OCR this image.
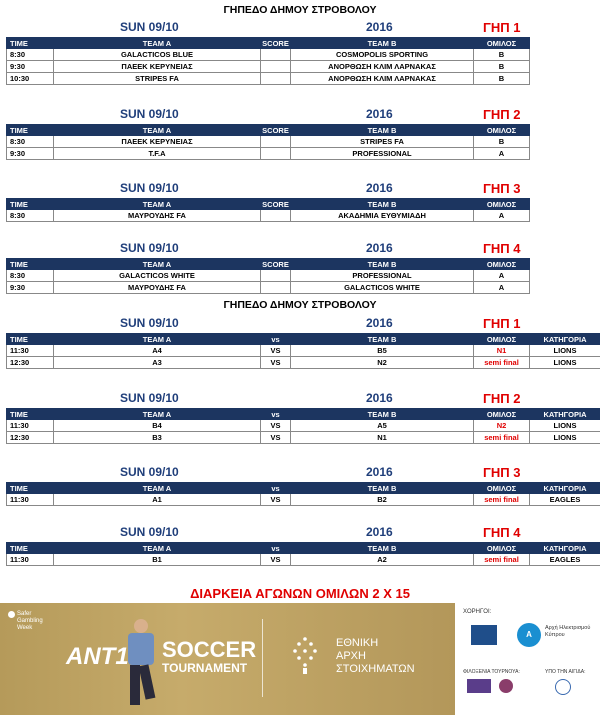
ΓΗΠΕΔΟ ΔΗΜΟΥ ΣΤΡΟΒΟΛΟΥ
SUN 09/10	2016	ΓΗΠ 1
TIME	TEAM A	SCORE	TEAM B	ΟΜΙΛΟΣ
8:30	GALACTICOS BLUE		COSMOPOLIS SPORTING	B
9:30	ΠΑΕΕΚ ΚΕΡΥΝΕΙΑΣ		ΑΝΟΡΘΩΣΗ ΚΛΙΜ ΛΑΡΝΑΚΑΣ	B
10:30	STRIPES FA		ΑΝΟΡΘΩΣΗ ΚΛΙΜ ΛΑΡΝΑΚΑΣ	B
SUN 09/10	2016	ΓΗΠ 2
TIME	TEAM A	SCORE	TEAM B	ΟΜΙΛΟΣ
8:30	ΠΑΕΕΚ ΚΕΡΥΝΕΙΑΣ		STRIPES FA	B
9:30	T.F.A		PROFESSIONAL	A
SUN 09/10	2016	ΓΗΠ 3
TIME	TEAM A	SCORE	TEAM B	ΟΜΙΛΟΣ
8:30	ΜΑΥΡΟΥΔΗΣ FA		ΑΚΑΔΗΜΙΑ ΕΥΘΥΜΙΑΔΗ	A
SUN 09/10	2016	ΓΗΠ 4
TIME	TEAM A	SCORE	TEAM B	ΟΜΙΛΟΣ
8:30	GALACTICOS WHITE		PROFESSIONAL	A
9:30	ΜΑΥΡΟΥΔΗΣ FA		GALACTICOS WHITE	A
ΓΗΠΕΔΟ ΔΗΜΟΥ ΣΤΡΟΒΟΛΟΥ
SUN 09/10	2016	ΓΗΠ 1
TIME	TEAM A	vs	TEAM B	ΟΜΙΛΟΣ	ΚΑΤΗΓΟΡΙΑ
11:30	A4	VS	B5	N1	LIONS
12:30	A3	VS	N2	semi final	LIONS
SUN 09/10	2016	ΓΗΠ 2
TIME	TEAM A	vs	TEAM B	ΟΜΙΛΟΣ	ΚΑΤΗΓΟΡΙΑ
11:30	B4	VS	A5	N2	LIONS
12:30	B3	VS	N1	semi final	LIONS
SUN 09/10	2016	ΓΗΠ 3
TIME	TEAM A	vs	TEAM B	ΟΜΙΛΟΣ	ΚΑΤΗΓΟΡΙΑ
11:30	A1	VS	B2	semi final	EAGLES
SUN 09/10	2016	ΓΗΠ 4
TIME	TEAM A	vs	TEAM B	ΟΜΙΛΟΣ	ΚΑΤΗΓΟΡΙΑ
11:30	B1	VS	A2	semi final	EAGLES
ΔΙΑΡΚΕΙΑ ΑΓΩΝΩΝ ΟΜΙΛΩΝ 2 Χ 15
Safer Gambling Week
ANT1 SOCCER
TOURNAMENT
ΕΘΝΙΚΗ
ΑΡΧΗ
ΣΤΟΙΧΗΜΑΤΩΝ
ΧΟΡΗΓΟΙ:
A
Αρχή Ηλεκτρισμού Κύπρου
ΦΙΛΟΞΕΝΙΑ ΤΟΥΡΝΟΥΑ:	ΥΠΟ ΤΗΝ ΑΙΓΙΔΑ:
